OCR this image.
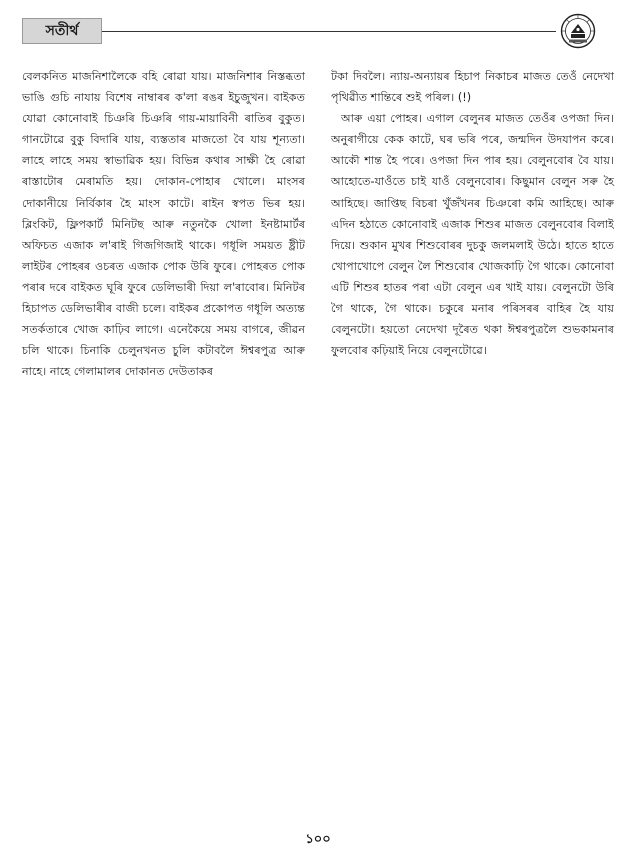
সতীৰ্থ

বেলকনিত মাজনিশালৈকে বহি ৰোৱা যায়। মাজনিশাৰ নিস্তব্ধতা ভাঙি গুচি নাযায় বিশেষ নাম্বাৰৰ ক'লা ৰঙৰ ইচুজুখন। বাইকত যোৱা কোনোবাই চিঞৰি চিঞৰি গায়-মায়াবিনী ৰাতিৰ বুকুত। গানটোৱে বুকু বিদাৰি যায়, ব্যস্ততাৰ মাজতো বৈ যায় শূন্যতা। লাহে লাহে সময় স্বাভাৱিক হয়। বিভিন্ন কথাৰ সাক্ষী হৈ ৰোৱা ৰাস্তাটোৰ মেৰামতি হয়। দোকান-পোহাৰ খোলে। মাংসৰ দোকানীয়ে নিৰ্বিকাৰ হৈ মাংস কাটে। ৰাইন স্বপত ভিৰ হয়। ব্লিংকিট, ফ্লিপকাৰ্ট মিনিটছ আৰু নতুনকৈ খোলা ইনষ্টামাৰ্টৰ অফিচত এজাক ল'ৰাই গিজগিজাই থাকে। গধূলি সময়ত ষ্ট্ৰীট লাইটৰ পোহৰৰ ওচৰত এজাক পোক উৰি ফুৰে। পোহৰত পোক পৰাৰ দৰে বাইকত ঘূৰি ফুৰে ডেলিভাৰী দিয়া ল'ৰাবোৰ। মিনিটৰ হিচাপত ডেলিভাৰীৰ বাজী চলে। বাইকৰ প্ৰকোপত গধূলি অত্যন্ত সতৰ্কতাৰে খোজ কাঢ়িব লাগে। এনেকৈয়ে সময় বাগৰে, জীৱন চলি থাকে। চিনাকি চেলুনখনত চুলি কটাবলৈ ঈশ্বৰপুত্ৰ আৰু নাহে। নাহে গেলামালৰ দোকানত দেউতাকৰ

টকা দিবলৈ। ন্যায়-অন্যায়ৰ হিচাপ নিকাচৰ মাজত তেওঁ নেদেখা পৃথিৱীত শান্তিৰে শুই পৰিল। (!)

আৰু এয়া পোহৰ। এগাল বেলুনৰ মাজত তেওঁৰ ওপজা দিন। অনুৰাগীয়ে কেক কাটে, ঘৰ ভৰি পৰে, জন্মদিন উদযাপন কৰে। আকৌ শান্ত হৈ পৰে। ওপজা দিন পাৰ হয়। বেলুনবোৰ বৈ যায়। আহোতে-যাওঁতে চাই যাওঁ বেলুনবোৰ। কিছুমান বেলুন সৰু হৈ আহিছে। জাপ্তিছ বিচৰা খুঁজঁখনৰ চিঞৰো কমি আহিছে। আৰু এদিন হঠাতে কোনোবাই এজাক শিশুৰ মাজত বেলুনবোৰ বিলাই দিয়ে। শুকান মুখৰ শিশুবোৰৰ দুচকু জলমলাই উঠে। হাতে হাতে খোপাখোপে বেলুন লৈ শিশুবোৰ খোজকাঢ়ি গৈ থাকে। কোনোবা এটি শিশুৰ হাতৰ পৰা এটা বেলুন এৰ খাই যায়। বেলুনটো উৰি গৈ থাকে, গৈ থাকে। চকুৰে মনাৰ পৰিসৰৰ বাহিৰ হৈ যায় বেলুনটো। হয়তো নেদেখা দূৰৈত থকা ঈশ্বৰপুত্ৰলৈ শুভকামনাৰ ফুলবোৰ কঢ়িয়াই নিয়ে বেলুনটোৱে।

১০০
